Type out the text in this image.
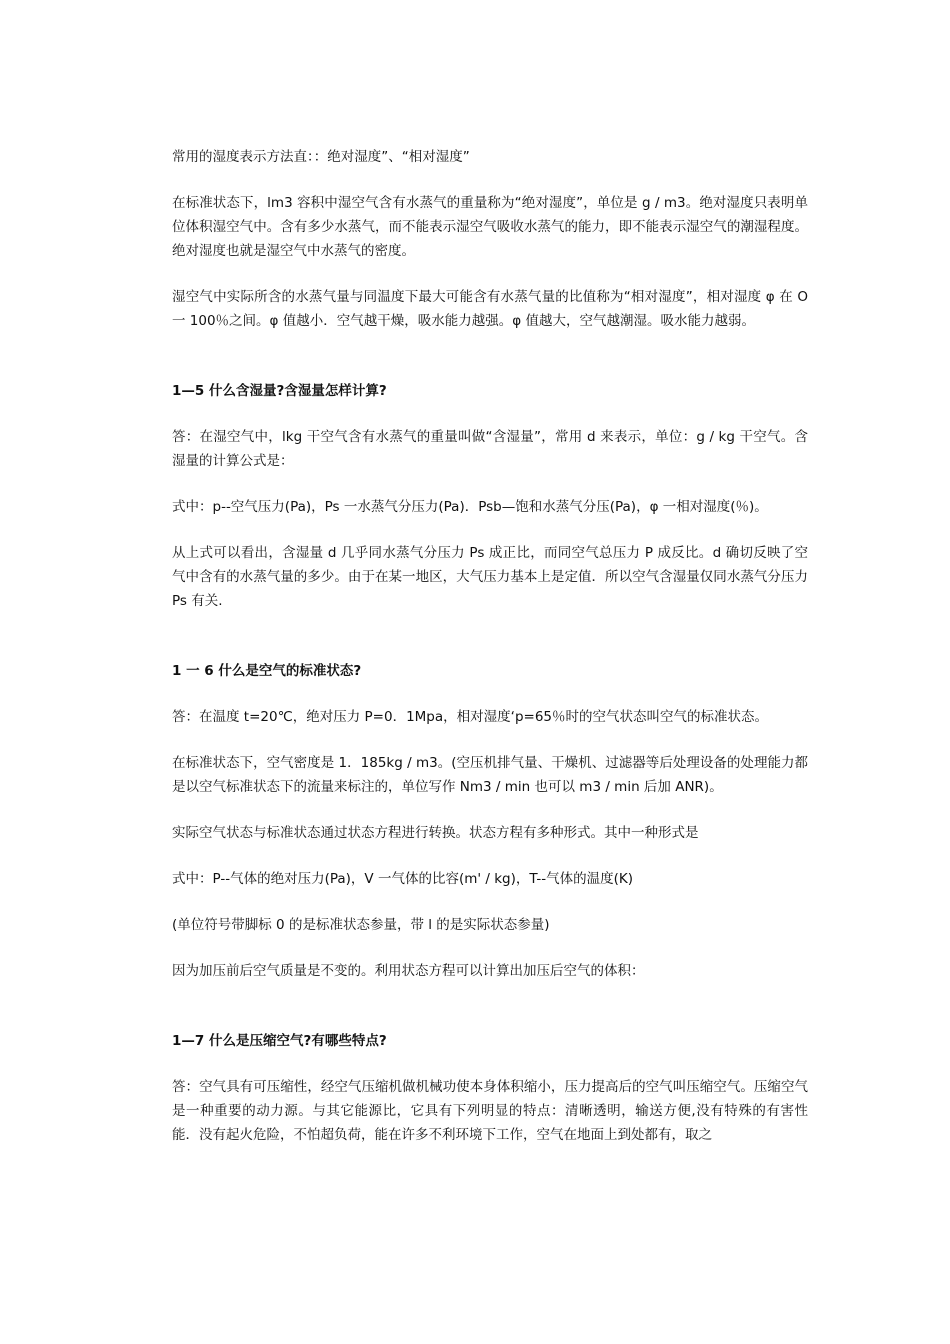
常用的湿度表示方法直：：绝对湿度”、“相对湿度”

在标准状态下，lm3 容积中湿空气含有水蒸气的重量称为“绝对湿度”，单位是 g / m3。绝对湿度只表明单位体积湿空气中。含有多少水蒸气，而不能表示湿空气吸收水蒸气的能力，即不能表示湿空气的潮湿程度。绝对湿度也就是湿空气中水蒸气的密度。

湿空气中实际所含的水蒸气量与同温度下最大可能含有水蒸气量的比值称为“相对湿度”，相对湿度 φ 在 O 一 100％之间。φ 值越小．空气越干燥，吸水能力越强。φ 值越大，空气越潮湿。吸水能力越弱。

1—5 什么含湿量?含湿量怎样计算?

答：在湿空气中，lkg 干空气含有水蒸气的重量叫做“含湿量”，常用 d 来表示，单位：g / kg 干空气。含湿量的计算公式是：

式中：p--空气压力(Pa)，Ps 一水蒸气分压力(Pa)．Psb—饱和水蒸气分压(Pa)，φ 一相对湿度(％)。

从上式可以看出，含湿量 d 几乎同水蒸气分压力 Ps 成正比，而同空气总压力 P 成反比。d 确切反映了空气中含有的水蒸气量的多少。由于在某一地区，大气压力基本上是定值．所以空气含湿量仅同水蒸气分压力 Ps 有关.

1 一 6 什么是空气的标准状态?

答：在温度 t=20℃，绝对压力 P=0．1Mpa，相对湿度‘p=65％时的空气状态叫空气的标准状态。

在标准状态下，空气密度是 1．185kg / m3。(空压机排气量、干燥机、过滤器等后处理设备的处理能力都是以空气标准状态下的流量来标注的，单位写作 Nm3 / min 也可以 m3 / min 后加 ANR)。

实际空气状态与标准状态通过状态方程进行转换。状态方程有多种形式。其中一种形式是

式中：P--气体的绝对压力(Pa)，V 一气体的比容(m' / kg)，T--气体的温度(K)

(单位符号带脚标 0 的是标准状态参量，带 l 的是实际状态参量)

因为加压前后空气质量是不变的。利用状态方程可以计算出加压后空气的体积：

1—7 什么是压缩空气?有哪些特点?

答：空气具有可压缩性，经空气压缩机做机械功使本身体积缩小，压力提高后的空气叫压缩空气。压缩空气是一种重要的动力源。与其它能源比，它具有下列明显的特点：清晰透明，输送方便,没有特殊的有害性能．没有起火危险，不怕超负荷，能在许多不利环境下工作，空气在地面上到处都有，取之
